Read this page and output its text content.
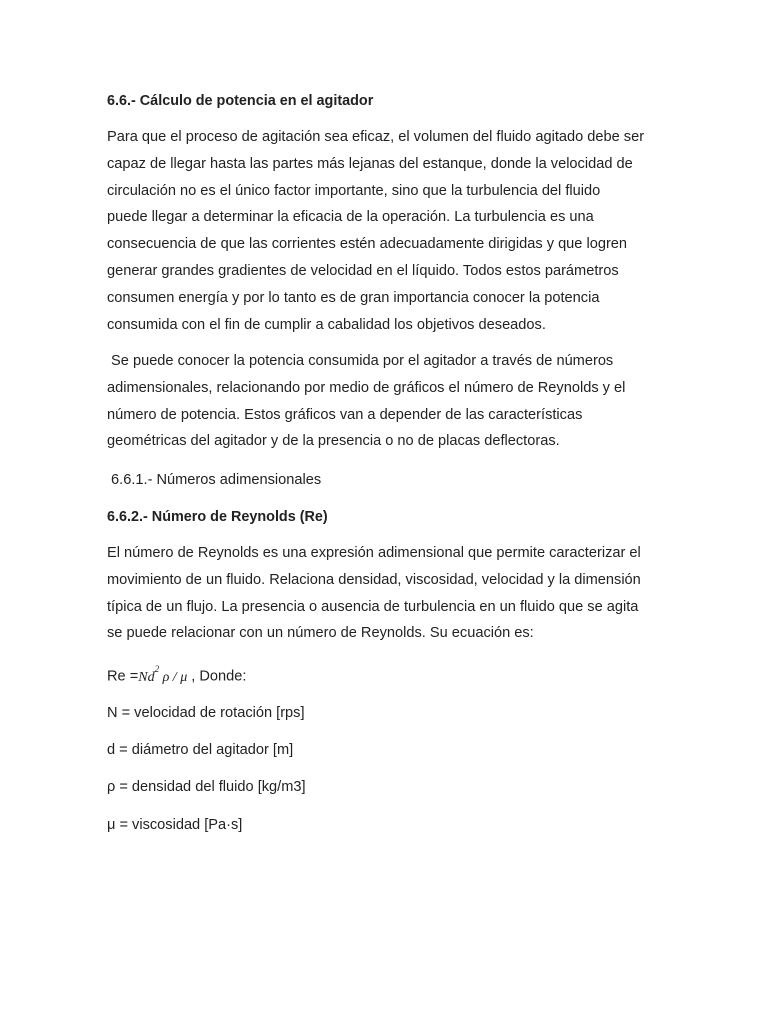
6.6.- Cálculo de potencia en el agitador

Para que el proceso de agitación sea eficaz, el volumen del fluido agitado debe ser
capaz de llegar hasta las partes más lejanas del estanque, donde la velocidad de
circulación no es el único factor importante, sino que la turbulencia del fluido
puede llegar a determinar la eficacia de la operación. La turbulencia es una
consecuencia de que las corrientes estén adecuadamente dirigidas y que logren
generar grandes gradientes de velocidad en el líquido. Todos estos parámetros
consumen energía y por lo tanto es de gran importancia conocer la potencia
consumida con el fin de cumplir a cabalidad los objetivos deseados.
Se puede conocer la potencia consumida por el agitador a través de números
adimensionales, relacionando por medio de gráficos el número de Reynolds y el
número de potencia. Estos gráficos van a depender de las características
geométricas del agitador y de la presencia o no de placas deflectoras.

6.6.1.- Números adimensionales

6.6.2.- Número de Reynolds (Re)

El número de Reynolds es una expresión adimensional que permite caracterizar el
movimiento de un fluido. Relaciona densidad, viscosidad, velocidad y la dimensión
típica de un flujo. La presencia o ausencia de turbulencia en un fluido que se agita
se puede relacionar con un número de Reynolds. Su ecuación es:

$Re =Nd^2$ ρ / μ , Donde:

N = velocidad de rotación [rps]

d = diámetro del agitador [m]

ρ = densidad del fluido [kg/m3]

μ = viscosidad [Pa·s]
